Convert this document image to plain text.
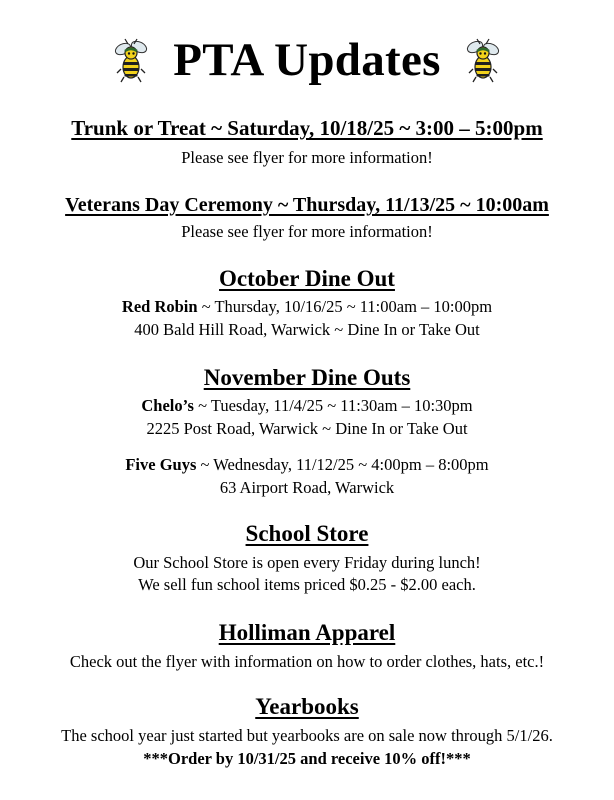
PTA Updates
Trunk or Treat ~ Saturday, 10/18/25 ~ 3:00 – 5:00pm
Please see flyer for more information!
Veterans Day Ceremony ~ Thursday, 11/13/25 ~ 10:00am
Please see flyer for more information!
October Dine Out
Red Robin ~ Thursday, 10/16/25 ~ 11:00am – 10:00pm
400 Bald Hill Road, Warwick ~ Dine In or Take Out
November Dine Outs
Chelo’s ~ Tuesday, 11/4/25 ~ 11:30am – 10:30pm
2225 Post Road, Warwick ~ Dine In or Take Out
Five Guys ~ Wednesday, 11/12/25 ~ 4:00pm – 8:00pm
63 Airport Road, Warwick
School Store
Our School Store is open every Friday during lunch!
We sell fun school items priced $0.25 - $2.00 each.
Holliman Apparel
Check out the flyer with information on how to order clothes, hats, etc.!
Yearbooks
The school year just started but yearbooks are on sale now through 5/1/26.
***Order by 10/31/25 and receive 10% off!***
